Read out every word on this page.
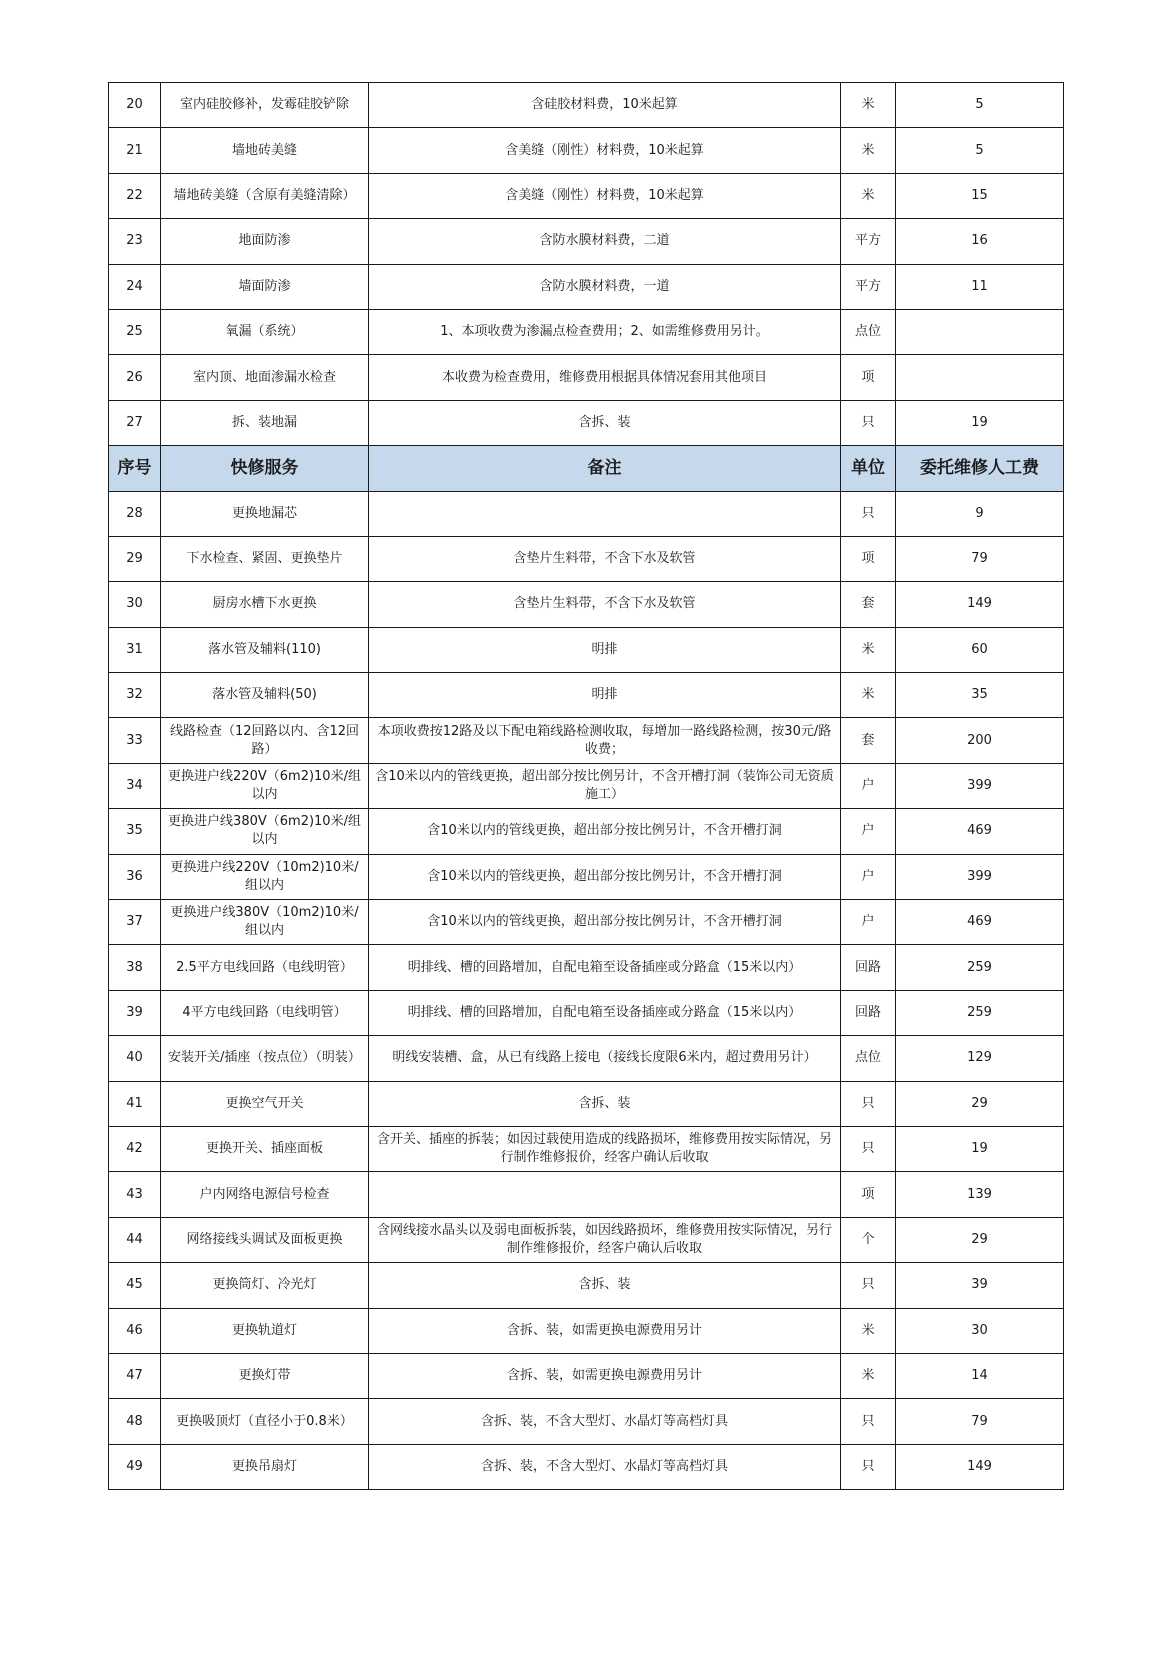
20	室内硅胶修补，发霉硅胶铲除	含硅胶材料费，10米起算	米	5
21	墙地砖美缝	含美缝（刚性）材料费，10米起算	米	5
22	墙地砖美缝（含原有美缝清除）	含美缝（刚性）材料费，10米起算	米	15
23	地面防渗	含防水膜材料费，二道	平方	16
24	墙面防渗	含防水膜材料费，一道	平方	11
25	氧漏（系统）	1、本项收费为渗漏点检查费用；2、如需维修费用另计。	点位	
26	室内顶、地面渗漏水检查	本收费为检查费用，维修费用根据具体情况套用其他项目	项	
27	拆、装地漏	含拆、装	只	19
序号	快修服务	备注	单位	委托维修人工费
28	更换地漏芯		只	9
29	下水检查、紧固、更换垫片	含垫片生料带，不含下水及软管	项	79
30	厨房水槽下水更换	含垫片生料带，不含下水及软管	套	149
31	落水管及辅料(110)	明排	米	60
32	落水管及辅料(50)	明排	米	35
33	线路检查（12回路以内、含12回路）	本项收费按12路及以下配电箱线路检测收取，每增加一路线路检测，按30元/路收费；	套	200
34	更换进户线220V（6m2)10米/组以内	含10米以内的管线更换，超出部分按比例另计，不含开槽打洞（装饰公司无资质施工）	户	399
35	更换进户线380V（6m2)10米/组以内	含10米以内的管线更换，超出部分按比例另计，不含开槽打洞	户	469
36	更换进户线220V（10m2)10米/组以内	含10米以内的管线更换，超出部分按比例另计，不含开槽打洞	户	399
37	更换进户线380V（10m2)10米/组以内	含10米以内的管线更换，超出部分按比例另计，不含开槽打洞	户	469
38	2.5平方电线回路（电线明管）	明排线、槽的回路增加，自配电箱至设备插座或分路盒（15米以内）	回路	259
39	4平方电线回路（电线明管）	明排线、槽的回路增加，自配电箱至设备插座或分路盒（15米以内）	回路	259
40	安装开关/插座（按点位）（明装）	明线安装槽、盒，从已有线路上接电（接线长度限6米内，超过费用另计）	点位	129
41	更换空气开关	含拆、装	只	29
42	更换开关、插座面板	含开关、插座的拆装；如因过载使用造成的线路损坏，维修费用按实际情况，另行制作维修报价，经客户确认后收取	只	19
43	户内网络电源信号检查		项	139
44	网络接线头调试及面板更换	含网线接水晶头以及弱电面板拆装，如因线路损坏，维修费用按实际情况，另行制作维修报价，经客户确认后收取	个	29
45	更换筒灯、冷光灯	含拆、装	只	39
46	更换轨道灯	含拆、装，如需更换电源费用另计	米	30
47	更换灯带	含拆、装，如需更换电源费用另计	米	14
48	更换吸顶灯（直径小于0.8米）	含拆、装，不含大型灯、水晶灯等高档灯具	只	79
49	更换吊扇灯	含拆、装，不含大型灯、水晶灯等高档灯具	只	149
